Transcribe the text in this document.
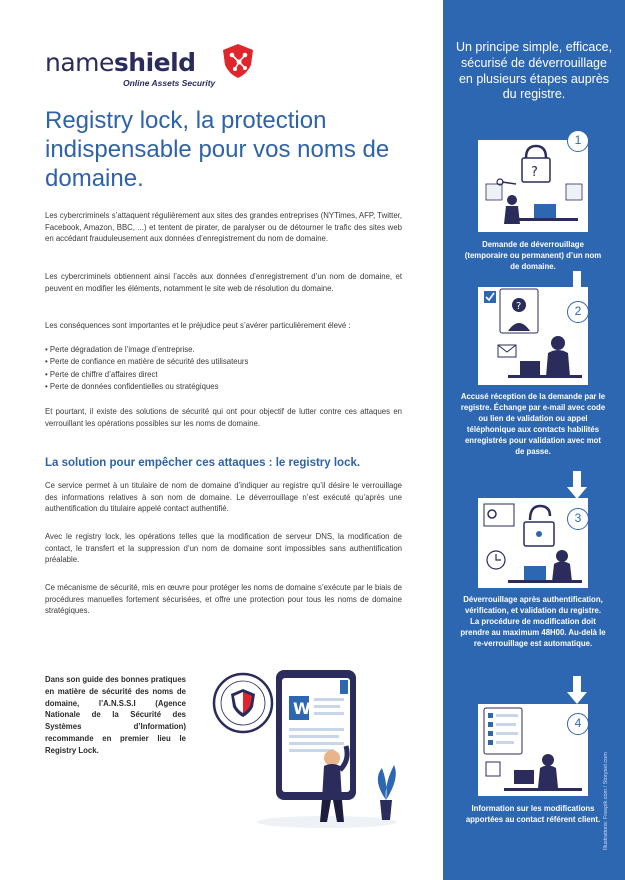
nameshield
Online Assets Security
Registry lock, la protection indispensable pour vos noms de domaine.

Les cybercriminels s’attaquent régulièrement aux sites des grandes entreprises (NYTimes, AFP, Twitter, Facebook, Amazon, BBC, ...) et tentent de pirater, de paralyser ou de détourner le trafic des sites web en accédant frauduleusement aux données d’enregistrement du nom de domaine.

Les cybercriminels obtiennent ainsi l’accès aux données d’enregistrement d’un nom de domaine, et peuvent en modifier les éléments, notamment le site web de résolution du domaine.

Les conséquences sont importantes et le préjudice peut s’avérer particulièrement élevé :

• Perte dégradation de l’image d’entreprise.
• Perte de confiance en matière de sécurité des utilisateurs
• Perte de chiffre d’affaires direct
• Perte de données confidentielles ou stratégiques

Et pourtant, il existe des solutions de sécurité qui ont pour objectif de lutter contre ces attaques en verrouillant les opérations possibles sur les noms de domaine.

La solution pour empêcher ces attaques : le registry lock.

Ce service permet à un titulaire de nom de domaine d’indiquer au registre qu’il désire le verrouillage des informations relatives à son nom de domaine. Le déverrouillage n’est exécuté qu’après une authentification du titulaire appelé contact authentifié.

Avec le registry lock, les opérations telles que la modification de serveur DNS, la modification de contact, le transfert et la suppression d’un nom de domaine sont impossibles sans authentification préalable.

Ce mécanisme de sécurité, mis en œuvre pour protéger les noms de domaine s’exécute par le biais de procédures manuelles fortement sécurisées, et offre une protection pour tous les noms de domaine stratégiques.

Dans son guide des bonnes pratiques en matière de sécurité des noms de domaine, l’A.N.S.S.I (Agence Nationale de la Sécurité des Systèmes d’Information) recommande en premier lieu le Registry Lock.

W

Un principe simple, efficace, sécurisé de déverrouillage en plusieurs étapes auprès du registre.

?
1

Demande de déverrouillage (temporaire ou permanent) d’un nom de domaine.

?	2

Accusé réception de la demande par le registre. Échange par e-mail avec code ou lien de validation ou appel téléphonique aux contacts habilités enregistrés pour validation avec mot de passe.

3

Déverrouillage après authentification, vérification, et validation du registre. La procédure de modification doit prendre au maximum 48H00. Au-delà le re-verrouillage est automatique.

4

Information sur les modifications apportées au contact référent client. Illustrations: Freepik.com / Storyset.com
